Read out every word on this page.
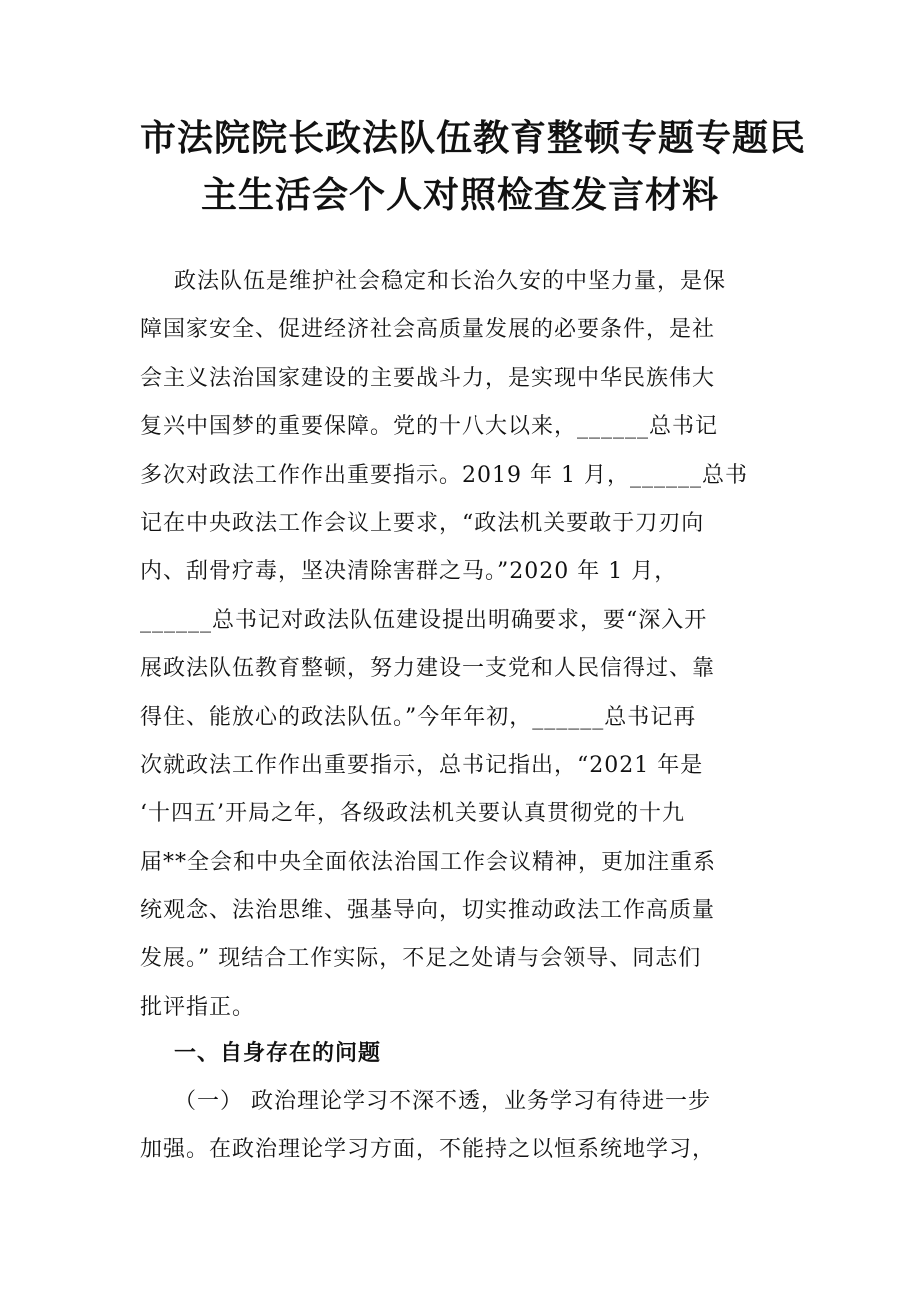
市法院院长政法队伍教育整顿专题专题民
主生活会个人对照检查发言材料
政法队伍是维护社会稳定和长治久安的中坚力量，是保
障国家安全、促进经济社会高质量发展的必要条件，是社
会主义法治国家建设的主要战斗力，是实现中华民族伟大
复兴中国梦的重要保障。党的十八大以来，______总书记
多次对政法工作作出重要指示。2019 年 1 月，______总书
记在中央政法工作会议上要求，“政法机关要敢于刀刃向
内、刮骨疗毒，坚决清除害群之马。”2020 年 1 月，
______总书记对政法队伍建设提出明确要求，要“深入开
展政法队伍教育整顿，努力建设一支党和人民信得过、靠
得住、能放心的政法队伍。”今年年初，______总书记再
次就政法工作作出重要指示，总书记指出，“2021 年是
‘十四五’开局之年，各级政法机关要认真贯彻党的十九
届**全会和中央全面依法治国工作会议精神，更加注重系
统观念、法治思维、强基导向，切实推动政法工作高质量
发展。” 现结合工作实际，不足之处请与会领导、同志们
批评指正。
一、自身存在的问题
（一） 政治理论学习不深不透，业务学习有待进一步
加强。在政治理论学习方面，不能持之以恒系统地学习，
